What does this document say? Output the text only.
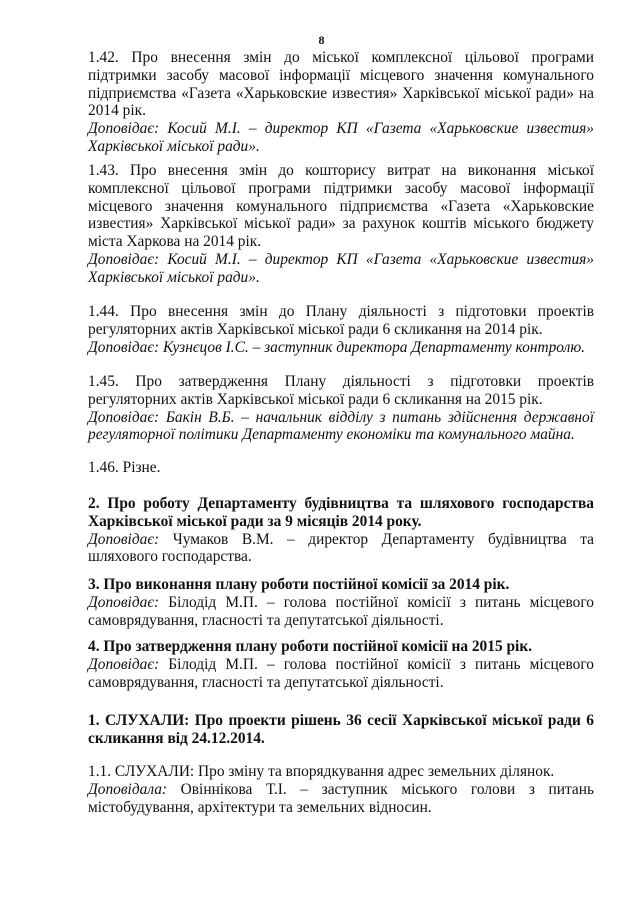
8

1.42. Про внесення змін до міської комплексної цільової програми підтримки засобу масової інформації місцевого значення комунального підприємства «Газета «Харьковские известия» Харківської міської ради» на 2014 рік.

Доповідає: Косий М.І. – директор КП «Газета «Харьковские известия» Харківської міської ради».

1.43. Про внесення змін до кошторису витрат на виконання міської комплексної цільової програми підтримки засобу масової інформації місцевого значення комунального підприємства «Газета «Харьковские известия» Харківської міської ради» за рахунок коштів міського бюджету міста Харкова на 2014 рік.

Доповідає: Косий М.І. – директор КП «Газета «Харьковские известия» Харківської міської ради».

1.44. Про внесення змін до Плану діяльності з підготовки проектів регуляторних актів Харківської міської ради 6 скликання на 2014 рік.

Доповідає: Кузнєцов І.С. – заступник директора Департаменту контролю.

1.45. Про затвердження Плану діяльності з підготовки проектів регуляторних актів Харківської міської ради 6 скликання на 2015 рік.

Доповідає: Бакін В.Б. – начальник відділу з питань здійснення державної регуляторної політики Департаменту економіки та комунального майна.

1.46. Різне.

2. Про роботу Департаменту будівництва та шляхового господарства Харківської міської ради за 9 місяців 2014 року.

Доповідає: Чумаков В.М. – директор Департаменту будівництва та шляхового господарства.

3. Про виконання плану роботи постійної комісії за 2014 рік.

Доповідає: Білодід М.П. – голова постійної комісії з питань місцевого самоврядування, гласності та депутатської діяльності.

4. Про затвердження плану роботи постійної комісії на 2015 рік.

Доповідає: Білодід М.П. – голова постійної комісії з питань місцевого самоврядування, гласності та депутатської діяльності.

1. СЛУХАЛИ: Про проекти рішень 36 сесії Харківської міської ради 6 скликання від 24.12.2014.

1.1. СЛУХАЛИ: Про зміну та впорядкування адрес земельних ділянок.

Доповідала: Овіннікова Т.І. – заступник міського голови з питань містобудування, архітектури та земельних відносин.
